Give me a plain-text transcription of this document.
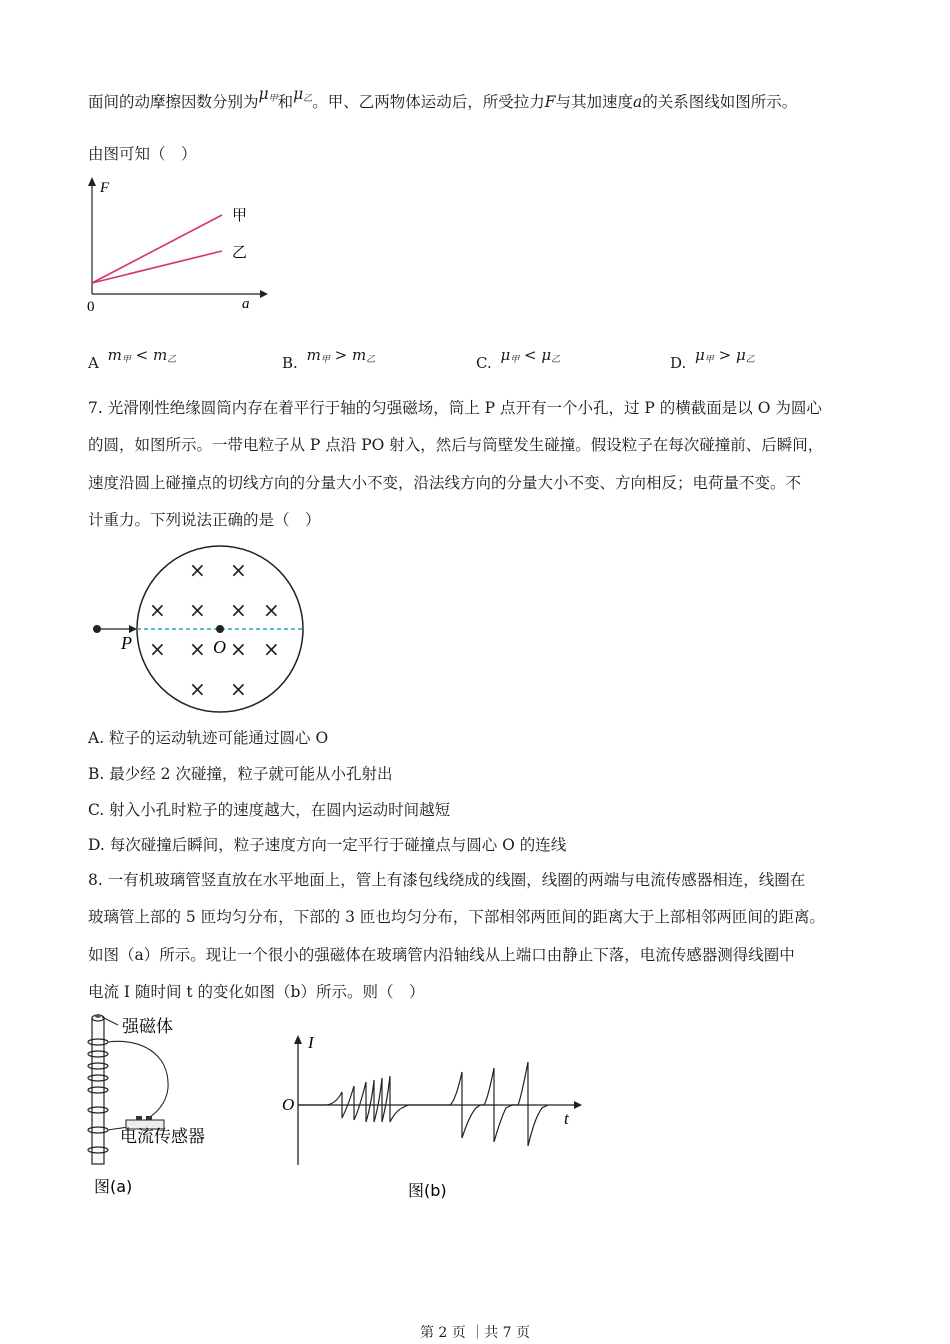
面间的动摩擦因数分别为$\mu_甲$和$\mu_乙$。甲、乙两物体运动后，所受拉力F与其加速度a的关系图线如图所示。
由图可知（　）
F
a
0
甲
乙
A $m_甲 < m_乙$	B. $m_甲 > m_乙$	C. $\mu_甲 < \mu_乙$	D. $\mu_甲 > \mu_乙$
7. 光滑刚性绝缘圆筒内存在着平行于轴的匀强磁场，筒上 P 点开有一个小孔，过 P 的横截面是以 O 为圆心
的圆，如图所示。一带电粒子从 P 点沿 PO 射入，然后与筒壁发生碰撞。假设粒子在每次碰撞前、后瞬间，
速度沿圆上碰撞点的切线方向的分量大小不变，沿法线方向的分量大小不变、方向相反；电荷量不变。不
计重力。下列说法正确的是（　）
P	O
× ×
× × × ×
× × × ×
× ×
A. 粒子的运动轨迹可能通过圆心 O
B. 最少经 2 次碰撞，粒子就可能从小孔射出
C. 射入小孔时粒子的速度越大，在圆内运动时间越短
D. 每次碰撞后瞬间，粒子速度方向一定平行于碰撞点与圆心 O 的连线
8. 一有机玻璃管竖直放在水平地面上，管上有漆包线绕成的线圈，线圈的两端与电流传感器相连，线圈在
玻璃管上部的 5 匝均匀分布，下部的 3 匝也均匀分布，下部相邻两匝间的距离大于上部相邻两匝间的距离。
如图（a）所示。现让一个很小的强磁体在玻璃管内沿轴线从上端口由静止下落，电流传感器测得线圈中
电流 I 随时间 t 的变化如图（b）所示。则（　）
强磁体
电流传感器
图(a)
I
t
O
图(b)
第 2 页 ｜共 7 页
